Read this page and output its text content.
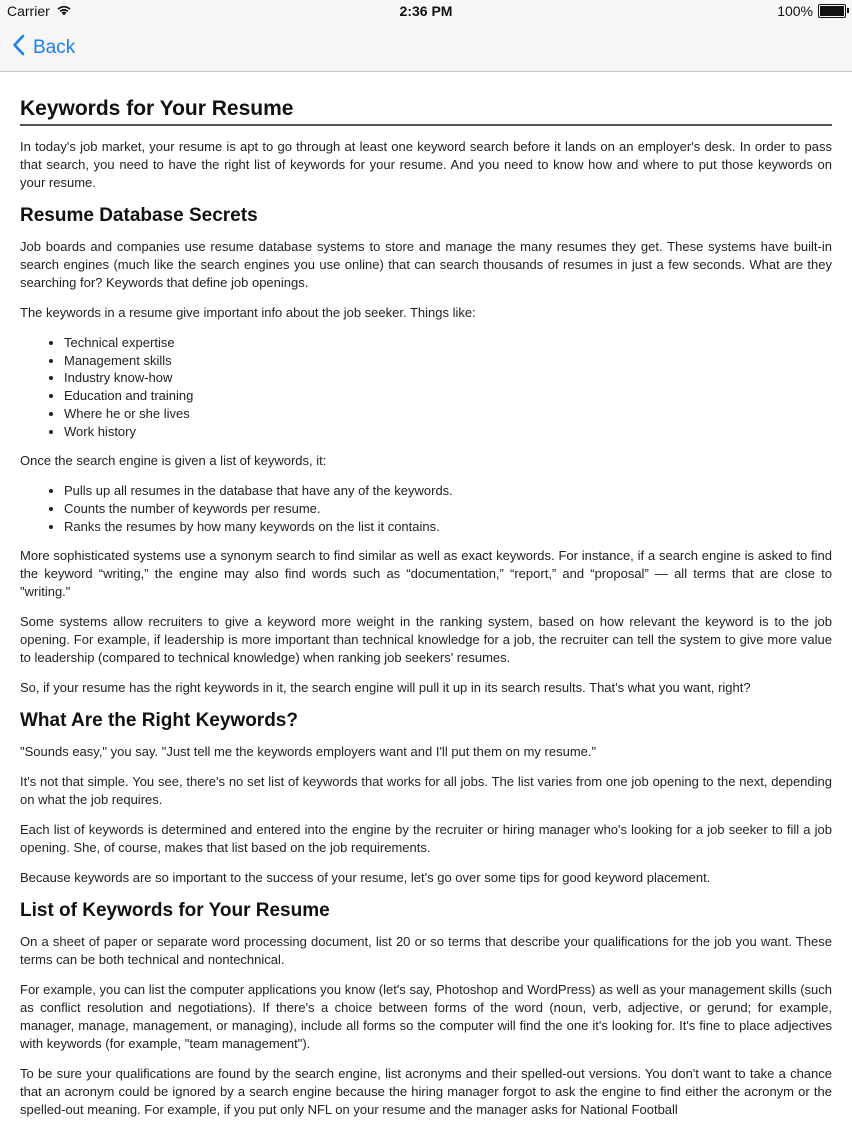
Carrier	2:36 PM	100%
Back
Keywords for Your Resume

In today's job market, your resume is apt to go through at least one keyword search before it lands on an employer's desk. In order to pass that search, you need to have the right list of keywords for your resume. And you need to know how and where to put those keywords on your resume.

Resume Database Secrets

Job boards and companies use resume database systems to store and manage the many resumes they get. These systems have built-in search engines (much like the search engines you use online) that can search thousands of resumes in just a few seconds. What are they searching for? Keywords that define job openings.

The keywords in a resume give important info about the job seeker. Things like:

• Technical expertise
• Management skills
• Industry know-how
• Education and training
• Where he or she lives
• Work history

Once the search engine is given a list of keywords, it:

• Pulls up all resumes in the database that have any of the keywords.
• Counts the number of keywords per resume.
• Ranks the resumes by how many keywords on the list it contains.

More sophisticated systems use a synonym search to find similar as well as exact keywords. For instance, if a search engine is asked to find the keyword “writing,” the engine may also find words such as “documentation,” “report,” and “proposal” — all terms that are close to "writing."

Some systems allow recruiters to give a keyword more weight in the ranking system, based on how relevant the keyword is to the job opening. For example, if leadership is more important than technical knowledge for a job, the recruiter can tell the system to give more value to leadership (compared to technical knowledge) when ranking job seekers' resumes.

So, if your resume has the right keywords in it, the search engine will pull it up in its search results. That's what you want, right?

What Are the Right Keywords?

"Sounds easy," you say. "Just tell me the keywords employers want and I'll put them on my resume."

It's not that simple. You see, there's no set list of keywords that works for all jobs. The list varies from one job opening to the next, depending on what the job requires.

Each list of keywords is determined and entered into the engine by the recruiter or hiring manager who's looking for a job seeker to fill a job opening. She, of course, makes that list based on the job requirements.

Because keywords are so important to the success of your resume, let's go over some tips for good keyword placement.

List of Keywords for Your Resume

On a sheet of paper or separate word processing document, list 20 or so terms that describe your qualifications for the job you want. These terms can be both technical and nontechnical.

For example, you can list the computer applications you know (let's say, Photoshop and WordPress) as well as your management skills (such as conflict resolution and negotiations). If there's a choice between forms of the word (noun, verb, adjective, or gerund; for example, manager, manage, management, or managing), include all forms so the computer will find the one it's looking for. It's fine to place adjectives with keywords (for example, "team management").

To be sure your qualifications are found by the search engine, list acronyms and their spelled-out versions. You don't want to take a chance that an acronym could be ignored by a search engine because the hiring manager forgot to ask the engine to find either the acronym or the spelled-out meaning. For example, if you put only NFL on your resume and the manager asks for National Football
